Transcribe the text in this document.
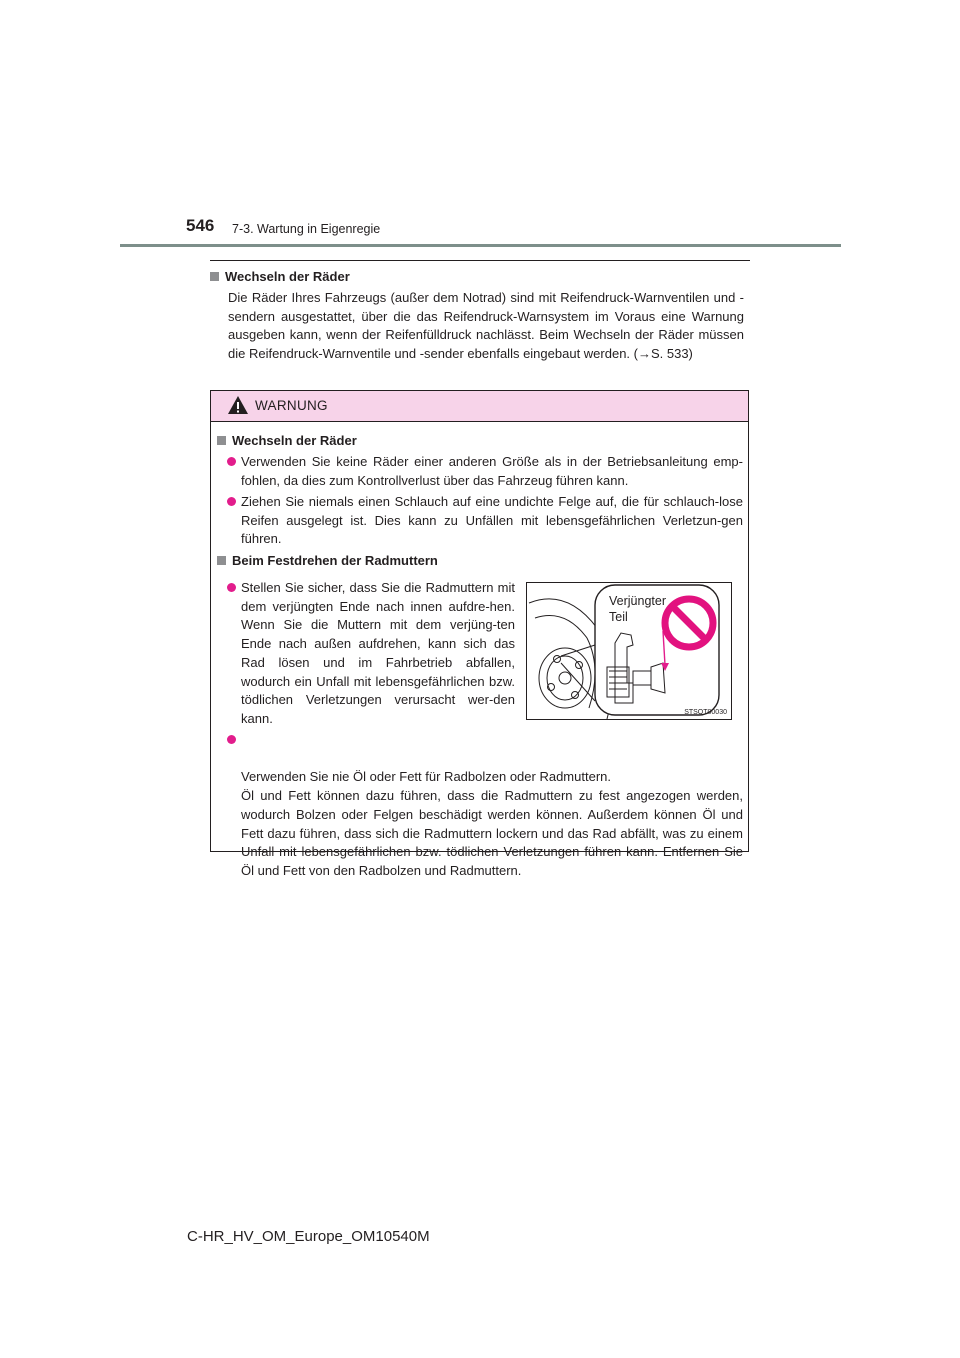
546 7-3. Wartung in Eigenregie
Wechseln der Räder
Die Räder Ihres Fahrzeugs (außer dem Notrad) sind mit Reifendruck-Warnventilen und -sendern ausgestattet, über die das Reifendruck-Warnsystem im Voraus eine Warnung ausgeben kann, wenn der Reifenfülldruck nachlässt. Beim Wechseln der Räder müssen die Reifendruck-Warnventile und -sender ebenfalls eingebaut werden. (→S. 533)
WARNUNG
Wechseln der Räder
Verwenden Sie keine Räder einer anderen Größe als in der Betriebsanleitung emp-fohlen, da dies zum Kontrollverlust über das Fahrzeug führen kann.
Ziehen Sie niemals einen Schlauch auf eine undichte Felge auf, die für schlauch-lose Reifen ausgelegt ist. Dies kann zu Unfällen mit lebensgefährlichen Verletzun-gen führen.
Beim Festdrehen der Radmuttern
Stellen Sie sicher, dass Sie die Radmuttern mit dem verjüngten Ende nach innen aufdre-hen. Wenn Sie die Muttern mit dem verjüng-ten Ende nach außen aufdrehen, kann sich das Rad lösen und im Fahrbetrieb abfallen, wodurch ein Unfall mit lebensgefährlichen bzw. tödlichen Verletzungen verursacht wer-den kann.
Verjüngter
Teil
STSOT00030

Verwenden Sie nie Öl oder Fett für Radbolzen oder Radmuttern.
Öl und Fett können dazu führen, dass die Radmuttern zu fest angezogen werden, wodurch Bolzen oder Felgen beschädigt werden können. Außerdem können Öl und Fett dazu führen, dass sich die Radmuttern lockern und das Rad abfällt, was zu einem Unfall mit lebensgefährlichen bzw. tödlichen Verletzungen führen kann. Entfernen Sie Öl und Fett von den Radbolzen und Radmuttern.

C-HR_HV_OM_Europe_OM10540M
